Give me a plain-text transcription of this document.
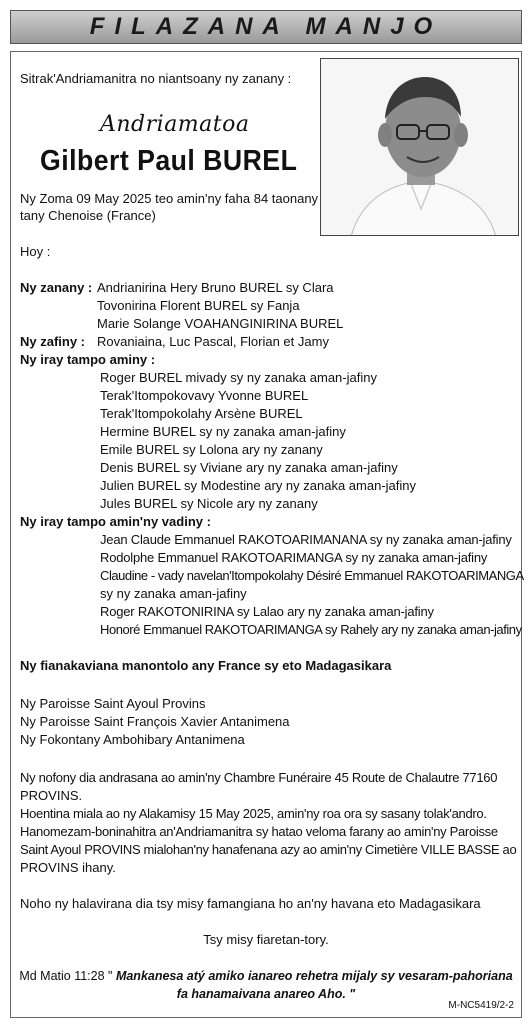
FILAZANA MANJO
Sitrak'Andriamanitra no niantsoany ny zanany :
Andriamatoa
Gilbert Paul BUREL
Ny Zoma 09 May 2025 teo amin'ny faha 84 taonany
tany Chenoise (France)
Hoy :
Ny zanany : Andrianirina Hery Bruno BUREL sy Clara
Tovonirina Florent BUREL sy Fanja
Marie Solange VOAHANGINIRINA BUREL
Ny zafiny : Rovaniaina, Luc Pascal, Florian et Jamy
Ny iray tampo aminy :
Roger BUREL mivady sy ny zanaka aman-jafiny
Terak'Itompokovavy Yvonne BUREL
Terak'Itompokolahy Arsène BUREL
Hermine BUREL sy ny zanaka aman-jafiny
Emile BUREL sy Lolona ary ny zanany
Denis BUREL sy Viviane ary ny zanaka aman-jafiny
Julien BUREL sy Modestine ary ny zanaka aman-jafiny
Jules BUREL sy Nicole ary ny zanany
Ny iray tampo amin'ny vadiny :
Jean Claude Emmanuel RAKOTOARIMANANA sy ny zanaka aman-jafiny
Rodolphe Emmanuel RAKOTOARIMANGA sy ny zanaka aman-jafiny
Claudine - vady navelan'Itompokolahy Désiré Emmanuel RAKOTOARIMANGA
sy ny zanaka aman-jafiny
Roger RAKOTONIRINA sy Lalao ary ny zanaka aman-jafiny
Honoré Emmanuel RAKOTOARIMANGA sy Rahely ary ny zanaka aman-jafiny
Ny fianakaviana manontolo any France sy eto Madagasikara
Ny Paroisse Saint Ayoul Provins
Ny Paroisse Saint François Xavier Antanimena
Ny Fokontany Ambohibary Antanimena
Ny nofony dia andrasana ao amin'ny Chambre Funéraire 45 Route de Chalautre 77160
PROVINS.
Hoentina miala ao ny Alakamisy 15 May 2025, amin'ny roa ora sy sasany tolak'andro.
Hanomezam-boninahitra an'Andriamanitra sy hatao veloma farany ao amin'ny Paroisse
Saint Ayoul PROVINS mialohan'ny hanafenana azy ao amin'ny Cimetière VILLE BASSE ao
PROVINS ihany.
Noho ny halavirana dia tsy misy famangiana ho an'ny havana eto Madagasikara
Tsy misy fiaretan-tory.
Md Matio 11:28 " Mankanesa atý amiko ianareo rehetra mijaly sy vesaram-pahoriana
fa hanamaivana anareo Aho. "
M-NC5419/2-2
